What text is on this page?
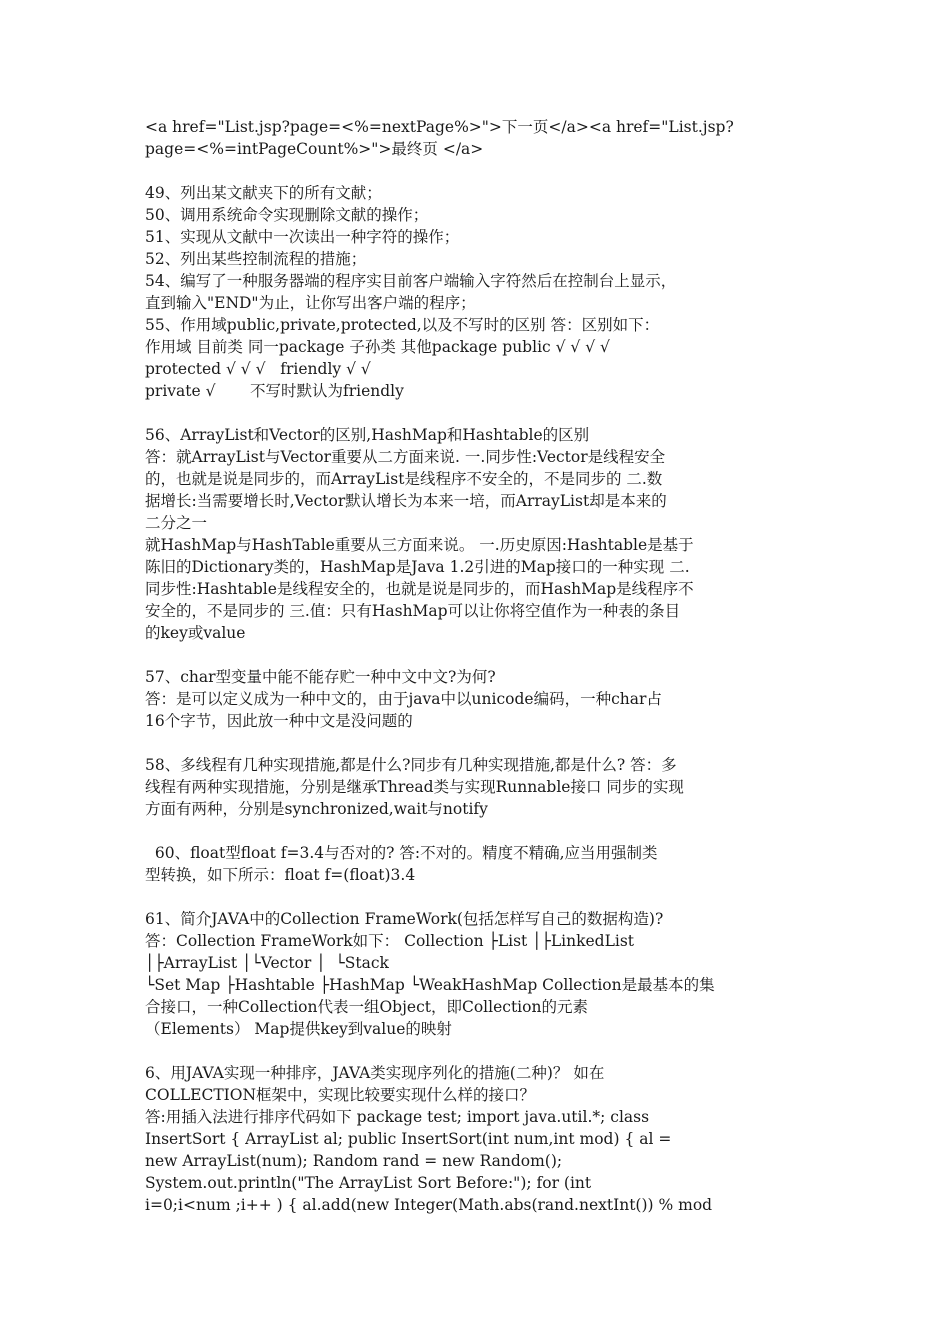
<a href="List.jsp?page=<%=nextPage%>">下一页</a><a href="List.jsp?
page=<%=intPageCount%>">最终页 </a>
49、列出某文献夹下的所有文献；
50、调用系统命令实现删除文献的操作；
51、实现从文献中一次读出一种字符的操作；
52、列出某些控制流程的措施；
54、编写了一种服务器端的程序实目前客户端输入字符然后在控制台上显示，
直到输入"END"为止，让你写出客户端的程序；
55、作用域public,private,protected,以及不写时的区别 答：区别如下：
作用域 目前类 同一package 子孙类 其他package public √ √ √ √
protected √ √ √   friendly √ √
private √       不写时默认为friendly
56、ArrayList和Vector的区别,HashMap和Hashtable的区别
答：就ArrayList与Vector重要从二方面来说. 一.同步性:Vector是线程安全
的，也就是说是同步的，而ArrayList是线程序不安全的，不是同步的 二.数
据增长:当需要增长时,Vector默认增长为本来一培，而ArrayList却是本来的
二分之一
就HashMap与HashTable重要从三方面来说。 一.历史原因:Hashtable是基于
陈旧的Dictionary类的，HashMap是Java 1.2引进的Map接口的一种实现 二.
同步性:Hashtable是线程安全的，也就是说是同步的，而HashMap是线程序不
安全的，不是同步的 三.值：只有HashMap可以让你将空值作为一种表的条目
的key或value
57、char型变量中能不能存贮一种中文中文?为何?
答：是可以定义成为一种中文的，由于java中以unicode编码，一种char占
16个字节，因此放一种中文是没问题的
58、多线程有几种实现措施,都是什么?同步有几种实现措施,都是什么? 答：多
线程有两种实现措施，分别是继承Thread类与实现Runnable接口 同步的实现
方面有两种，分别是synchronized,wait与notify
60、float型float f=3.4与否对的? 答:不对的。精度不精确,应当用强制类
型转换，如下所示：float f=(float)3.4
61、简介JAVA中的Collection FrameWork(包括怎样写自己的数据构造)?
答：Collection FrameWork如下： Collection ├List │├LinkedList
│├ArrayList │└Vector │  └Stack
└Set Map ├Hashtable ├HashMap └WeakHashMap Collection是最基本的集
合接口，一种Collection代表一组Object，即Collection的元素
（Elements） Map提供key到value的映射
6、用JAVA实现一种排序，JAVA类实现序列化的措施(二种)？ 如在
COLLECTION框架中，实现比较要实现什么样的接口？
答:用插入法进行排序代码如下 package test; import java.util.*; class
InsertSort { ArrayList al; public InsertSort(int num,int mod) { al =
new ArrayList(num); Random rand = new Random();
System.out.println("The ArrayList Sort Before:"); for (int
i=0;i<num ;i++ ) { al.add(new Integer(Math.abs(rand.nextInt()) % mod
